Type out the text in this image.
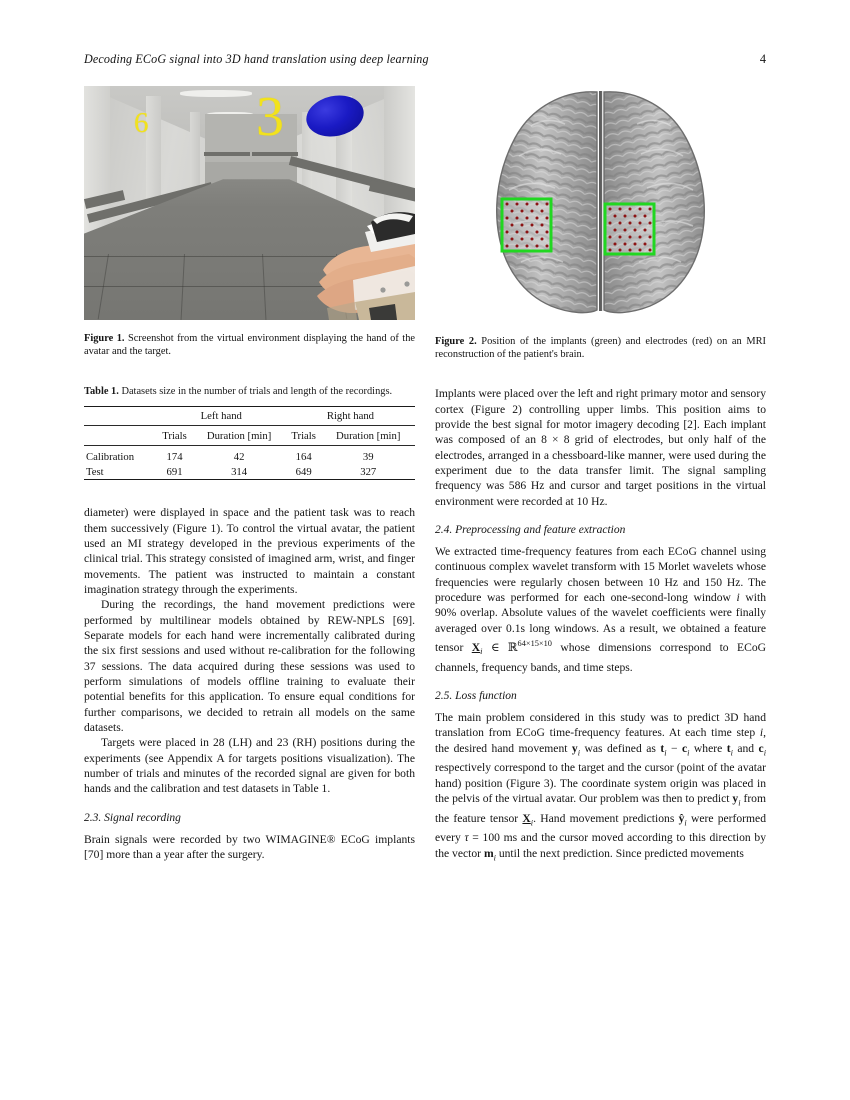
Decoding ECoG signal into 3D hand translation using deep learning	4
6 3
Figure 1. Screenshot from the virtual environment displaying the hand of the avatar and the target.
Table 1. Datasets size in the number of trials and length of the recordings.
	Left hand		Right hand	
	Trials	Duration [min]	Trials	Duration [min]
Calibration	174	42	164	39
Test	691	314	649	327

diameter) were displayed in space and the patient task was to reach them successively (Figure 1). To control the virtual avatar, the patient used an MI strategy developed in the previous experiments of the clinical trial. This strategy consisted of imagined arm, wrist, and finger movements. The patient was instructed to maintain a constant imagination strategy through the experiments.

During the recordings, the hand movement predictions were performed by multilinear models obtained by REW-NPLS [69]. Separate models for each hand were incrementally calibrated during the six first sessions and used without re-calibration for the following 37 sessions. The data acquired during these sessions was used to perform simulations of models offline training to evaluate their potential benefits for this application. To ensure equal conditions for further comparisons, we decided to retrain all models on the same datasets.

Targets were placed in 28 (LH) and 23 (RH) positions during the experiments (see Appendix A for targets positions visualization). The number of trials and minutes of the recorded signal are given for both hands and the calibration and test datasets in Table 1.

2.3. Signal recording

Brain signals were recorded by two WIMAGINE® ECoG implants [70] more than a year after the surgery.

Figure 2. Position of the implants (green) and electrodes (red) on an MRI reconstruction of the patient's brain.

Implants were placed over the left and right primary motor and sensory cortex (Figure 2) controlling upper limbs. This position aims to provide the best signal for motor imagery decoding [2]. Each implant was composed of an 8 × 8 grid of electrodes, but only half of the electrodes, arranged in a chessboard-like manner, were used during the experiment due to the data transfer limit. The signal sampling frequency was 586 Hz and cursor and target positions in the virtual environment were recorded at 10 Hz.

2.4. Preprocessing and feature extraction

We extracted time-frequency features from each ECoG channel using continuous complex wavelet transform with 15 Morlet wavelets whose frequencies were regularly chosen between 10 Hz and 150 Hz. The procedure was performed for each one-second-long window i with 90% overlap. Absolute values of the wavelet coefficients were finally averaged over 0.1s long windows. As a result, we obtained a feature tensor $X_i$ ∈ ℝ$^{64\times 15\times 10}$ whose dimensions correspond to ECoG channels, frequency bands, and time steps.

2.5. Loss function

The main problem considered in this study was to predict 3D hand translation from ECoG time-frequency features. At each time step i, the desired hand movement $y_i$ was defined as $t_i - c_i$ where $t_i$ and $c_i$ respectively correspond to the target and the cursor (point of the avatar hand) position (Figure 3). The coordinate system origin was placed in the pelvis of the virtual avatar. Our problem was then to predict $y_i$ from the feature tensor $X_i$. Hand movement predictions $ŷ_i$ were performed every τ = 100 ms and the cursor moved according to this direction by the vector $m_i$ until the next prediction. Since predicted movements
